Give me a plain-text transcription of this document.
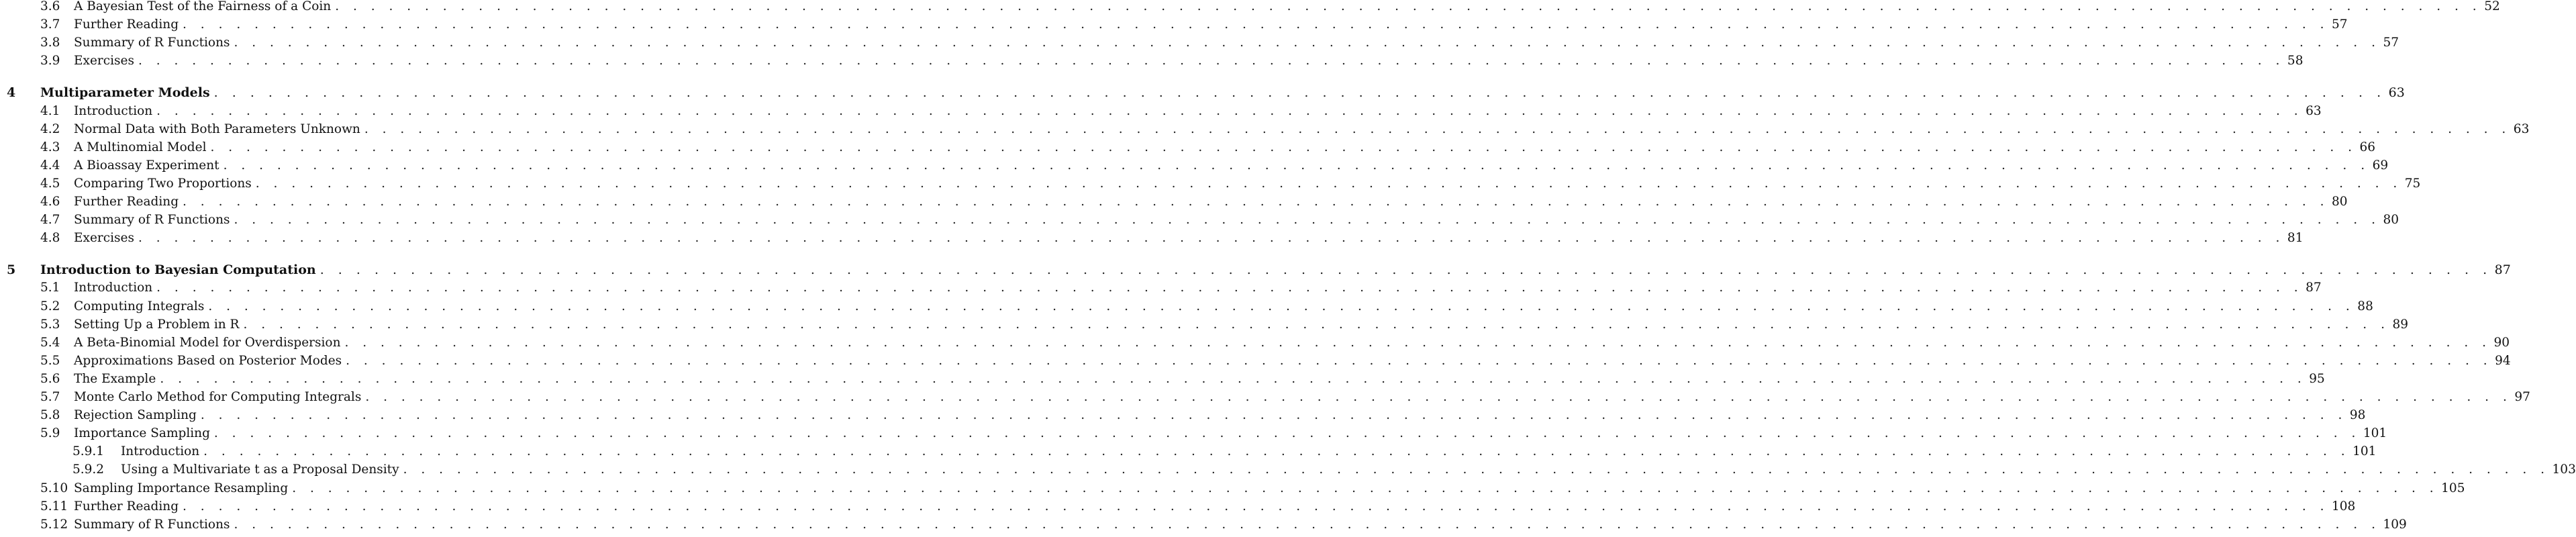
3.6 A Bayesian Test of the Fairness of a Coin . . . . . . . . . . . . . . . . . . . . . . . . . . . . . . . . . . . . . . . . . . . . . . . . . . . . . . . . . . . . . . . . . . . . . . . . . . . . . . . . . . . . . . . . . . . . . . . . . . . . . . . . . . . . . . . . . . . . . . . . 52
3.7 Further Reading . . . . . . . . . . . . . . . . . . . . . . . . . . . . . . . . . . . . . . . . . . . . . . . . . . . . . . . . . . . . . . . . . . . . . . . . . . . . . . . . . . . . . . . . . . . . . . . . . . . . . . . . . . . . . . . . . . . . . . . . 57
3.8 Summary of R Functions . . . . . . . . . . . . . . . . . . . . . . . . . . . . . . . . . . . . . . . . . . . . . . . . . . . . . . . . . . . . . . . . . . . . . . . . . . . . . . . . . . . . . . . . . . . . . . . . . . . . . . . . . . . . . . . . . . . . . . . . 57
3.9 Exercises . . . . . . . . . . . . . . . . . . . . . . . . . . . . . . . . . . . . . . . . . . . . . . . . . . . . . . . . . . . . . . . . . . . . . . . . . . . . . . . . . . . . . . . . . . . . . . . . . . . . . . . . . . . . . . . . . . . . . . . . 58
4 Multiparameter Models . . . . . . . . . . . . . . . . . . . . . . . . . . . . . . . . . . . . . . . . . . . . . . . . . . . . . . . . . . . . . . . . . . . . . . . . . . . . . . . . . . . . . . . . . . . . . . . . . . . . . . . . . . . . . . . . . . . . . . . . 63
4.1 Introduction . . . . . . . . . . . . . . . . . . . . . . . . . . . . . . . . . . . . . . . . . . . . . . . . . . . . . . . . . . . . . . . . . . . . . . . . . . . . . . . . . . . . . . . . . . . . . . . . . . . . . . . . . . . . . . . . . . . . . . . . 63
4.2 Normal Data with Both Parameters Unknown . . . . . . . . . . . . . . . . . . . . . . . . . . . . . . . . . . . . . . . . . . . . . . . . . . . . . . . . . . . . . . . . . . . . . . . . . . . . . . . . . . . . . . . . . . . . . . . . . . . . . . . . . . . . . . . . . . . . . . . . 63
4.3 A Multinomial Model . . . . . . . . . . . . . . . . . . . . . . . . . . . . . . . . . . . . . . . . . . . . . . . . . . . . . . . . . . . . . . . . . . . . . . . . . . . . . . . . . . . . . . . . . . . . . . . . . . . . . . . . . . . . . . . . . . . . . . . . 66
4.4 A Bioassay Experiment . . . . . . . . . . . . . . . . . . . . . . . . . . . . . . . . . . . . . . . . . . . . . . . . . . . . . . . . . . . . . . . . . . . . . . . . . . . . . . . . . . . . . . . . . . . . . . . . . . . . . . . . . . . . . . . . . . . . . . . . 69
4.5 Comparing Two Proportions . . . . . . . . . . . . . . . . . . . . . . . . . . . . . . . . . . . . . . . . . . . . . . . . . . . . . . . . . . . . . . . . . . . . . . . . . . . . . . . . . . . . . . . . . . . . . . . . . . . . . . . . . . . . . . . . . . . . . . . . 75
4.6 Further Reading . . . . . . . . . . . . . . . . . . . . . . . . . . . . . . . . . . . . . . . . . . . . . . . . . . . . . . . . . . . . . . . . . . . . . . . . . . . . . . . . . . . . . . . . . . . . . . . . . . . . . . . . . . . . . . . . . . . . . . . . 80
4.7 Summary of R Functions . . . . . . . . . . . . . . . . . . . . . . . . . . . . . . . . . . . . . . . . . . . . . . . . . . . . . . . . . . . . . . . . . . . . . . . . . . . . . . . . . . . . . . . . . . . . . . . . . . . . . . . . . . . . . . . . . . . . . . . . 80
4.8 Exercises . . . . . . . . . . . . . . . . . . . . . . . . . . . . . . . . . . . . . . . . . . . . . . . . . . . . . . . . . . . . . . . . . . . . . . . . . . . . . . . . . . . . . . . . . . . . . . . . . . . . . . . . . . . . . . . . . . . . . . . . 81
5 Introduction to Bayesian Computation . . . . . . . . . . . . . . . . . . . . . . . . . . . . . . . . . . . . . . . . . . . . . . . . . . . . . . . . . . . . . . . . . . . . . . . . . . . . . . . . . . . . . . . . . . . . . . . . . . . . . . . . . . . . . . . . . . . . . . . . 87
5.1 Introduction . . . . . . . . . . . . . . . . . . . . . . . . . . . . . . . . . . . . . . . . . . . . . . . . . . . . . . . . . . . . . . . . . . . . . . . . . . . . . . . . . . . . . . . . . . . . . . . . . . . . . . . . . . . . . . . . . . . . . . . . 87
5.2 Computing Integrals . . . . . . . . . . . . . . . . . . . . . . . . . . . . . . . . . . . . . . . . . . . . . . . . . . . . . . . . . . . . . . . . . . . . . . . . . . . . . . . . . . . . . . . . . . . . . . . . . . . . . . . . . . . . . . . . . . . . . . . . 88
5.3 Setting Up a Problem in R . . . . . . . . . . . . . . . . . . . . . . . . . . . . . . . . . . . . . . . . . . . . . . . . . . . . . . . . . . . . . . . . . . . . . . . . . . . . . . . . . . . . . . . . . . . . . . . . . . . . . . . . . . . . . . . . . . . . . . . . 89
5.4 A Beta-Binomial Model for Overdispersion . . . . . . . . . . . . . . . . . . . . . . . . . . . . . . . . . . . . . . . . . . . . . . . . . . . . . . . . . . . . . . . . . . . . . . . . . . . . . . . . . . . . . . . . . . . . . . . . . . . . . . . . . . . . . . . . . . . . . . . . 90
5.5 Approximations Based on Posterior Modes . . . . . . . . . . . . . . . . . . . . . . . . . . . . . . . . . . . . . . . . . . . . . . . . . . . . . . . . . . . . . . . . . . . . . . . . . . . . . . . . . . . . . . . . . . . . . . . . . . . . . . . . . . . . . . . . . . . . . . . . 94
5.6 The Example . . . . . . . . . . . . . . . . . . . . . . . . . . . . . . . . . . . . . . . . . . . . . . . . . . . . . . . . . . . . . . . . . . . . . . . . . . . . . . . . . . . . . . . . . . . . . . . . . . . . . . . . . . . . . . . . . . . . . . . . 95
5.7 Monte Carlo Method for Computing Integrals . . . . . . . . . . . . . . . . . . . . . . . . . . . . . . . . . . . . . . . . . . . . . . . . . . . . . . . . . . . . . . . . . . . . . . . . . . . . . . . . . . . . . . . . . . . . . . . . . . . . . . . . . . . . . . . . . . . . . . . . 97
5.8 Rejection Sampling . . . . . . . . . . . . . . . . . . . . . . . . . . . . . . . . . . . . . . . . . . . . . . . . . . . . . . . . . . . . . . . . . . . . . . . . . . . . . . . . . . . . . . . . . . . . . . . . . . . . . . . . . . . . . . . . . . . . . . . . 98
5.9 Importance Sampling . . . . . . . . . . . . . . . . . . . . . . . . . . . . . . . . . . . . . . . . . . . . . . . . . . . . . . . . . . . . . . . . . . . . . . . . . . . . . . . . . . . . . . . . . . . . . . . . . . . . . . . . . . . . . . . . . . . . . . . . 101
5.9.1 Introduction . . . . . . . . . . . . . . . . . . . . . . . . . . . . . . . . . . . . . . . . . . . . . . . . . . . . . . . . . . . . . . . . . . . . . . . . . . . . . . . . . . . . . . . . . . . . . . . . . . . . . . . . . . . . . . . . . . . . . . . . 101
5.9.2 Using a Multivariate t as a Proposal Density . . . . . . . . . . . . . . . . . . . . . . . . . . . . . . . . . . . . . . . . . . . . . . . . . . . . . . . . . . . . . . . . . . . . . . . . . . . . . . . . . . . . . . . . . . . . . . . . . . . . . . . . . . . . . . . . . . . . . . . . 103
5.10 Sampling Importance Resampling . . . . . . . . . . . . . . . . . . . . . . . . . . . . . . . . . . . . . . . . . . . . . . . . . . . . . . . . . . . . . . . . . . . . . . . . . . . . . . . . . . . . . . . . . . . . . . . . . . . . . . . . . . . . . . . . . . . . . . . . 105
5.11 Further Reading . . . . . . . . . . . . . . . . . . . . . . . . . . . . . . . . . . . . . . . . . . . . . . . . . . . . . . . . . . . . . . . . . . . . . . . . . . . . . . . . . . . . . . . . . . . . . . . . . . . . . . . . . . . . . . . . . . . . . . . . 108
5.12 Summary of R Functions . . . . . . . . . . . . . . . . . . . . . . . . . . . . . . . . . . . . . . . . . . . . . . . . . . . . . . . . . . . . . . . . . . . . . . . . . . . . . . . . . . . . . . . . . . . . . . . . . . . . . . . . . . . . . . . . . . . . . . . . 109
